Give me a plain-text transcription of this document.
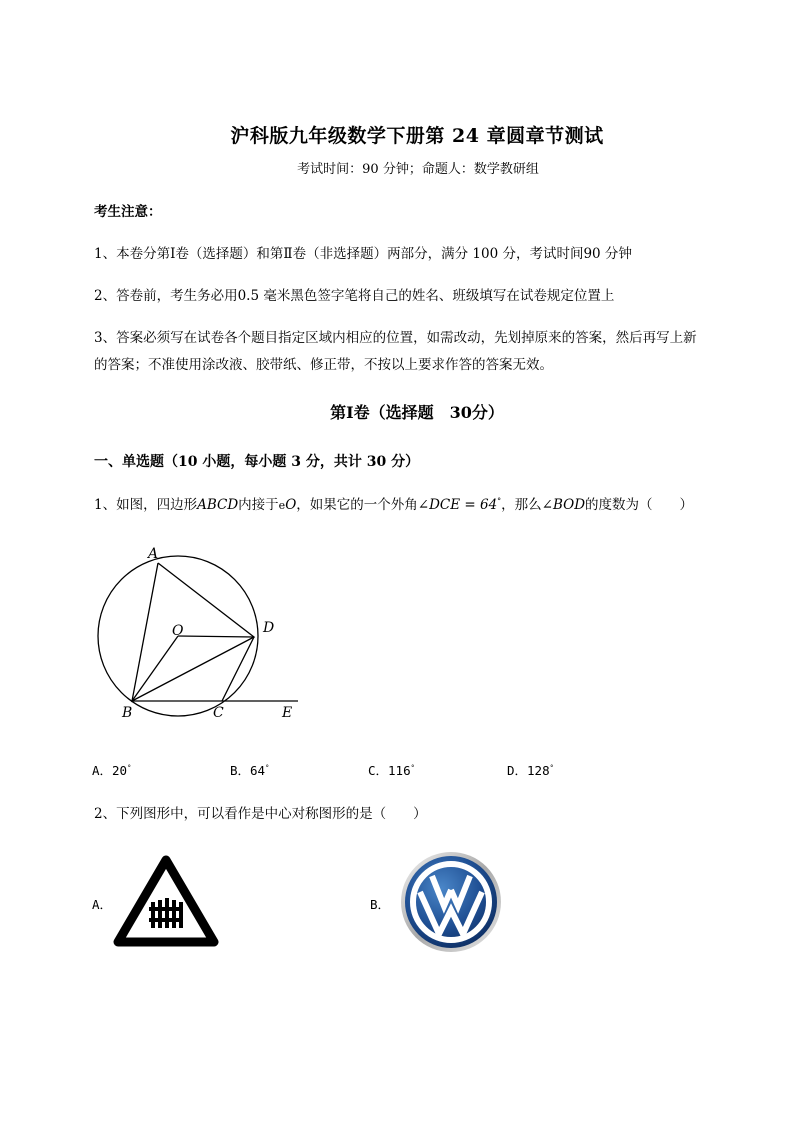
沪科版九年级数学下册第 24 章圆章节测试
考试时间：90 分钟；命题人：数学教研组
考生注意：
1、本卷分第Ⅰ卷（选择题）和第Ⅱ卷（非选择题）两部分，满分 100 分，考试时间90 分钟
2、答卷前，考生务必用0.5 毫米黑色签字笔将自己的姓名、班级填写在试卷规定位置上
3、答案必须写在试卷各个题目指定区域内相应的位置，如需改动，先划掉原来的答案，然后再写上新
的答案；不准使用涂改液、胶带纸、修正带，不按以上要求作答的答案无效。
第Ⅰ卷（选择题　30分）
一、单选题（10 小题，每小题 3 分，共计 30 分）
1、如图，四边形ABCD内接于eO，如果它的一个外角∠DCE = 64°，那么∠BOD的度数为（　　）
A
B	C
D
E
O
A．20°	B．64°	C．116°	D．128°
2、下列图形中，可以看作是中心对称图形的是（　　）
A．	B．
